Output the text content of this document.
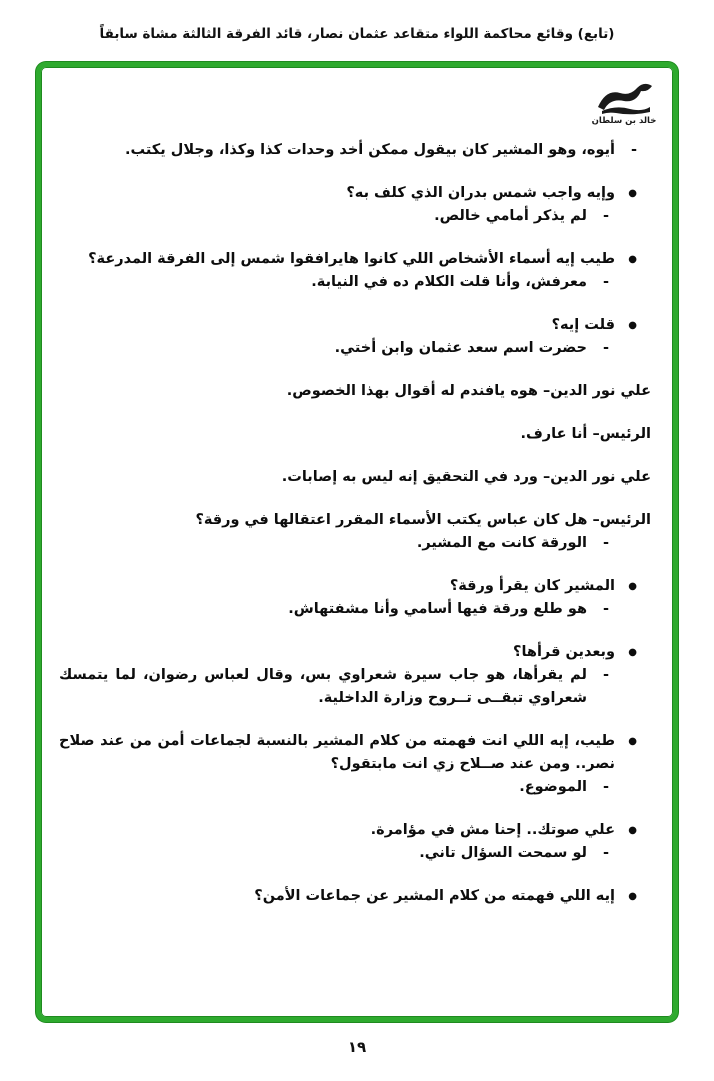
(تابع) وقائع محاكمة اللواء متقاعد عثمان نصار، قائد الفرقة الثالثة مشاة سابقاً
خالد بن سلطان
-
أيوه، وهو المشير كان بيقول ممكن أخد وحدات كذا وكذا، وجلال يكتب.
●
وإيه واجب شمس بدران الذي كلف به؟
-
لم يذكر أمامي خالص.
●
طيب إيه أسماء الأشخاص اللي كانوا هايرافقوا شمس إلى الفرقة المدرعة؟
-
معرفش، وأنا قلت الكلام ده في النيابة.
●
قلت إيه؟
-
حضرت اسم سعد عثمان وابن أختي.
علي نور الدين– هوه يافندم له أقوال بهذا الخصوص.
الرئيس– أنا عارف.
علي نور الدين– ورد في التحقيق إنه ليس به إصابات.
الرئيس– هل كان عباس يكتب الأسماء المقرر اعتقالها في ورقة؟
-
الورقة كانت مع المشير.
●
المشير كان يقرأ ورقة؟
-
هو طلع ورقة فيها أسامي وأنا مشفتهاش.
●
وبعدين قرأها؟
-
لم يقرأها، هو جاب سيرة شعراوي بس، وقال لعباس رضوان، لما يتمسك شعراوي تبقــى تــروح وزارة الداخلية.
●
طيب، إيه اللي انت فهمته من كلام المشير بالنسبة لجماعات أمن من عند صلاح نصر.. ومن عند صــلاح زي انت مابتقول؟
-
الموضوع.
●
علي صوتك.. إحنا مش في مؤامرة.
-
لو سمحت السؤال تاني.
●
إيه اللي فهمته من كلام المشير عن جماعات الأمن؟
١٩
